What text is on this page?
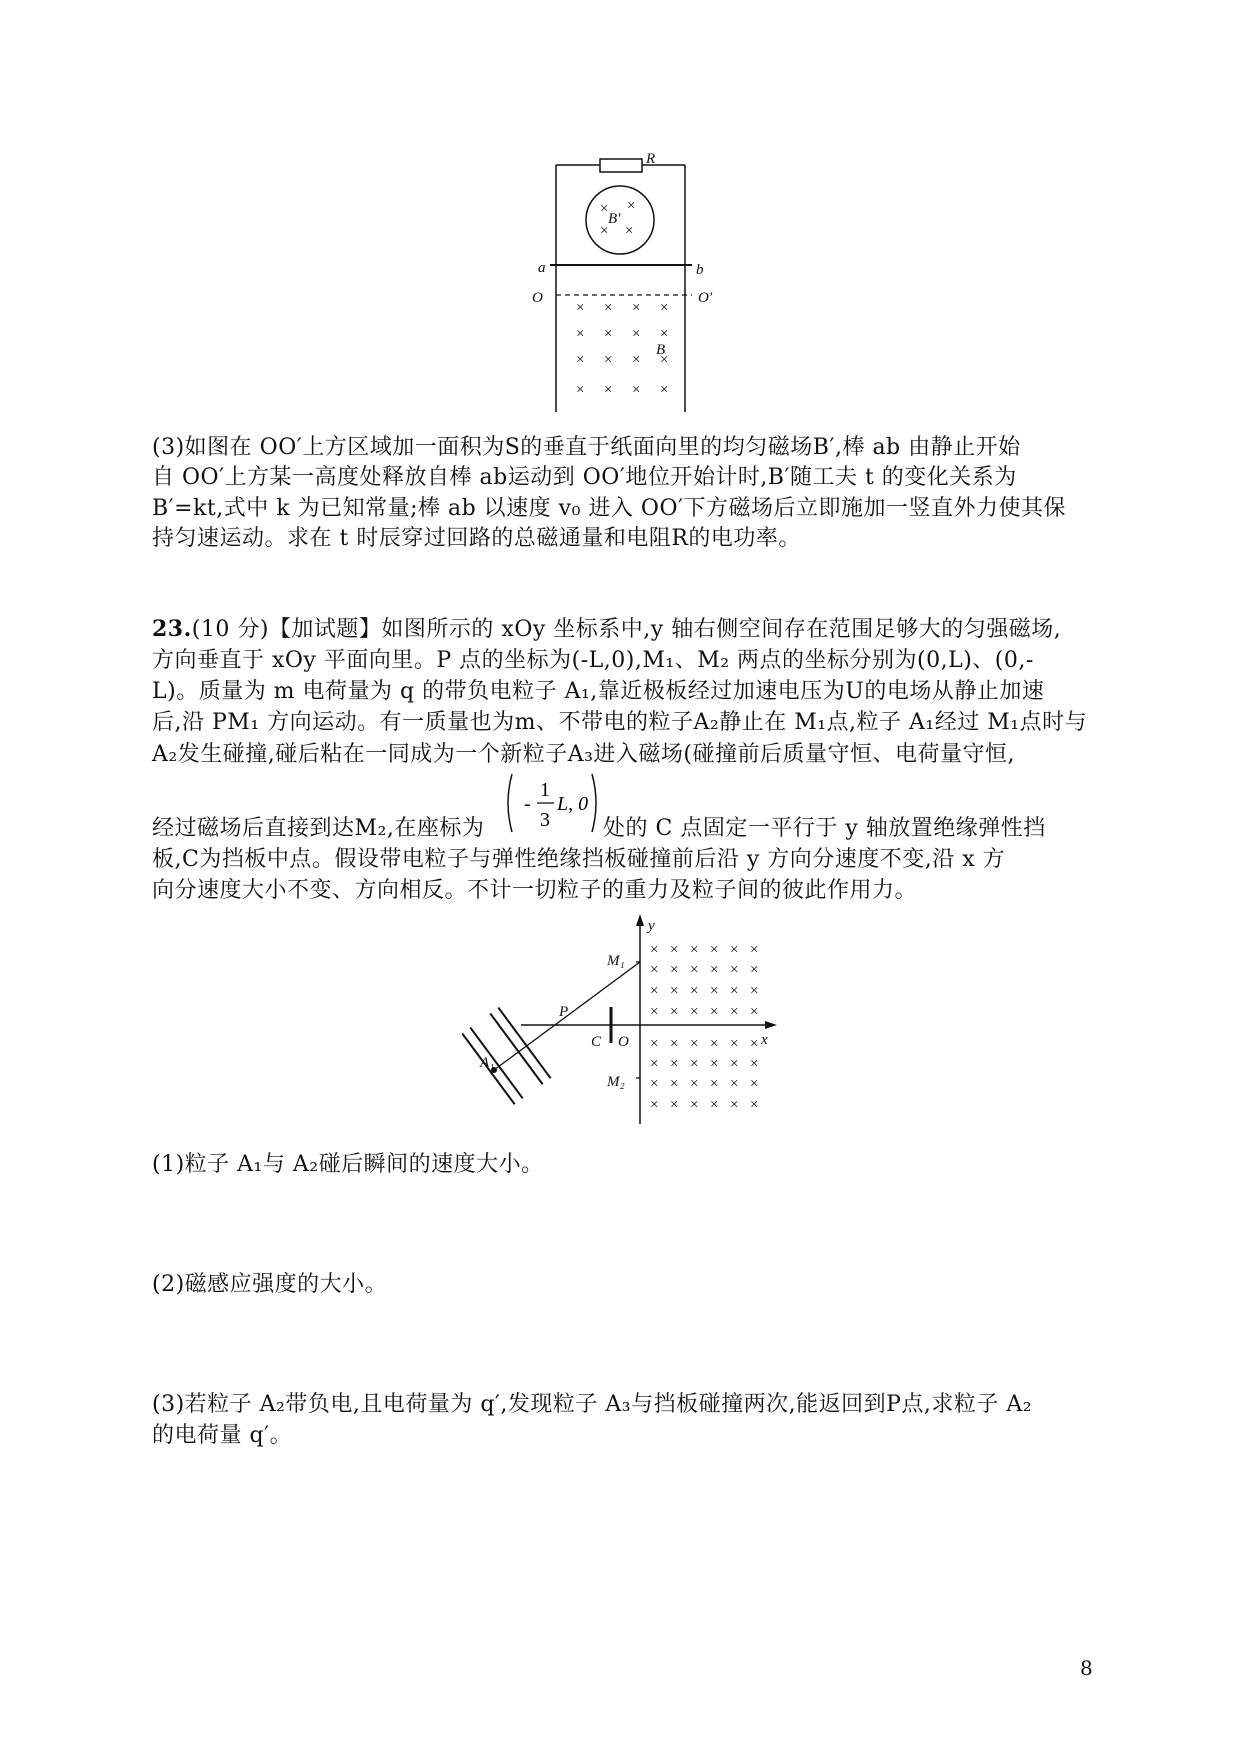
R
× ×
× ×
B′
a	b
O	O′
× × × ×
× × × ×
× × × ×
× × × ×
B
(3)如图在 OO′上方区域加一面积为S的垂直于纸面向里的均匀磁场B′,棒 ab 由静止开始
自 OO′上方某一高度处释放自棒 ab运动到 OO′地位开始计时,B′随工夫 t 的变化关系为
B′=kt,式中 k 为已知常量;棒 ab 以速度 v₀ 进入 OO′下方磁场后立即施加一竖直外力使其保
持匀速运动。求在 t 时辰穿过回路的总磁通量和电阻R的电功率。
23.(10 分)【加试题】如图所示的 xOy 坐标系中,y 轴右侧空间存在范围足够大的匀强磁场,
方向垂直于 xOy 平面向里。P 点的坐标为(-L,0),M₁、M₂ 两点的坐标分别为(0,L)、(0,-
L)。质量为 m 电荷量为 q 的带负电粒子 A₁,靠近极板经过加速电压为U的电场从静止加速
后,沿 PM₁ 方向运动。有一质量也为m、不带电的粒子A₂静止在 M₁点,粒子 A₁经过 M₁点时与
A₂发生碰撞,碰后粘在一同成为一个新粒子A₃进入磁场(碰撞前后质量守恒、电荷量守恒,
经过磁场后直接到达M₂,在座标为
-
1
3
L, 0
处的 C 点固定一平行于 y 轴放置绝缘弹性挡
板,C为挡板中点。假设带电粒子与弹性绝缘挡板碰撞前后沿 y 方向分速度不变,沿 x 方
向分速度大小不变、方向相反。不计一切粒子的重力及粒子间的彼此作用力。
y
x
M₁
M₂
P
C O
A₁
× × × × × ×
× × × × × ×
× × × × × ×
× × × × × ×
× × × × × ×
× × × × × ×
× × × × × ×
× × × × × ×
(1)粒子 A₁与 A₂碰后瞬间的速度大小。
(2)磁感应强度的大小。
(3)若粒子 A₂带负电,且电荷量为 q′,发现粒子 A₃与挡板碰撞两次,能返回到P点,求粒子 A₂
的电荷量 q′。
8
